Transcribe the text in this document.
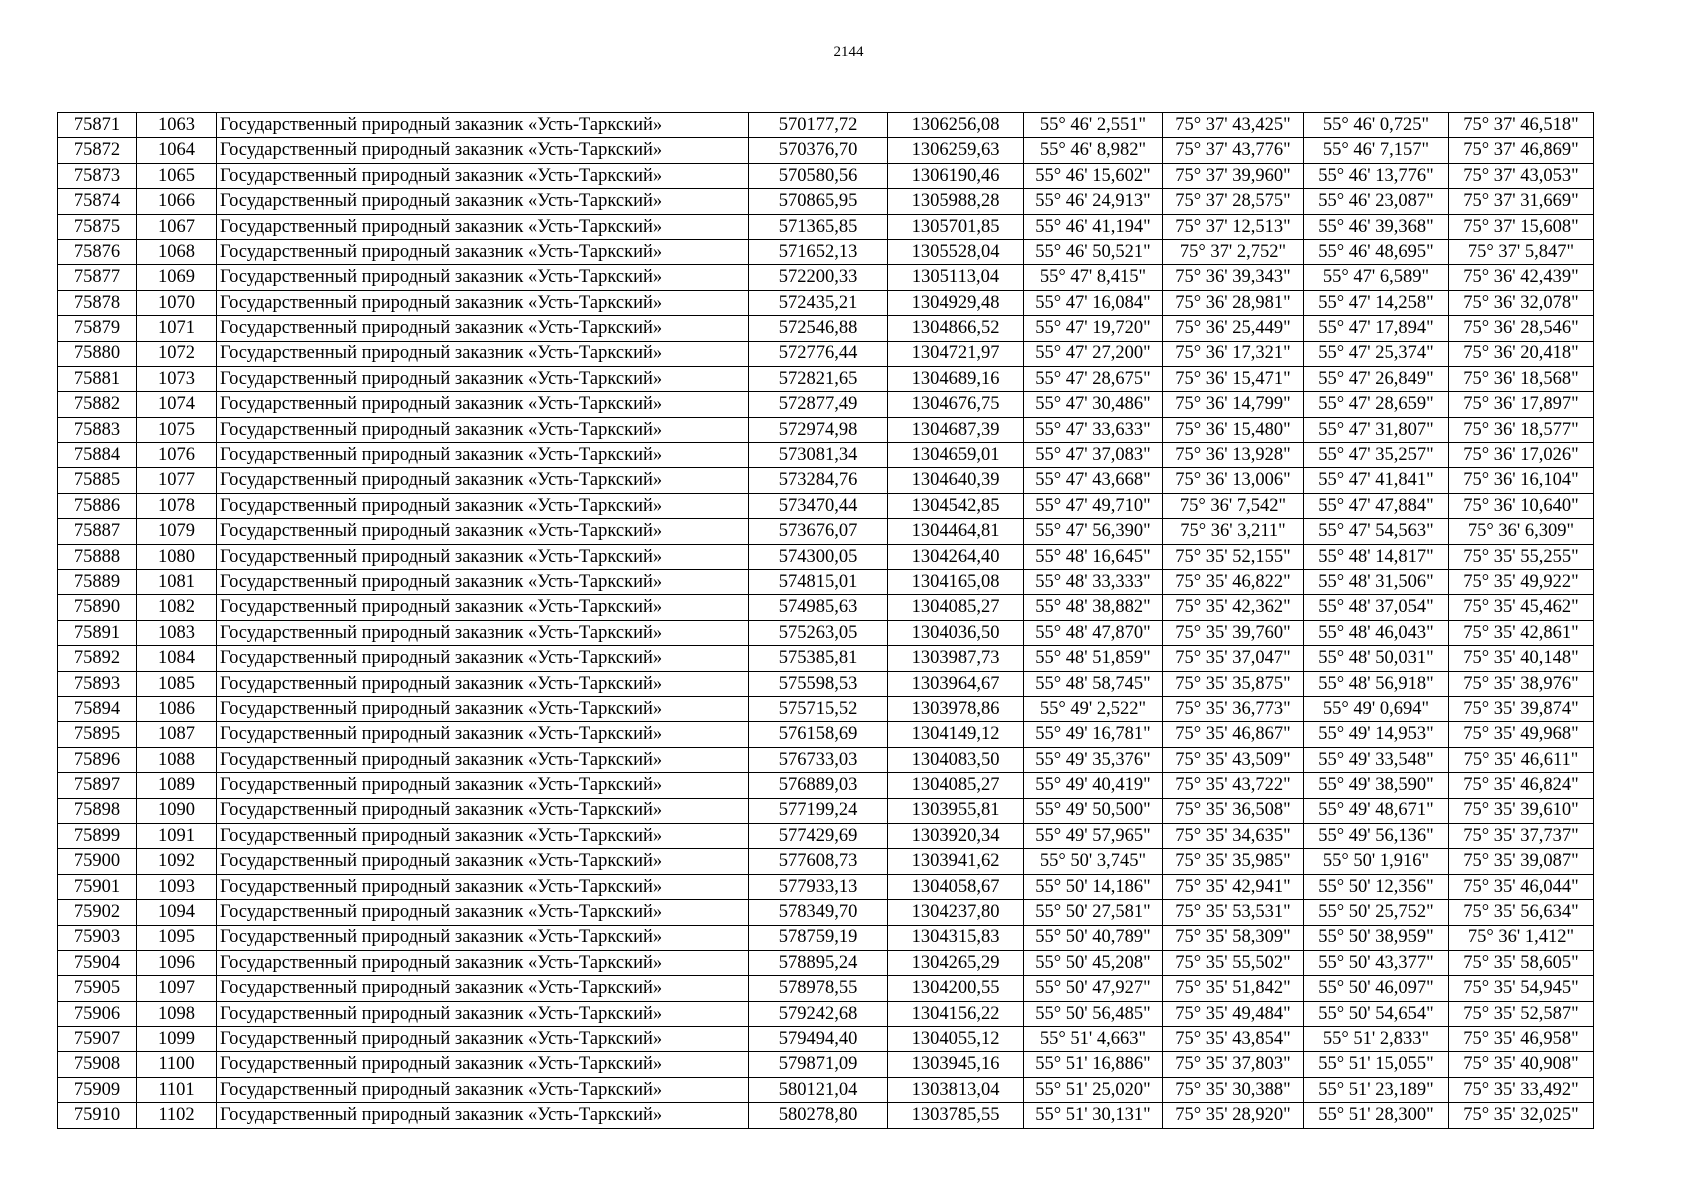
2144
75871	1063	Государственный природный заказник «Усть-Таркский»	570177,72	1306256,08	55° 46' 2,551"	75° 37' 43,425"	55° 46' 0,725"	75° 37' 46,518"
75872	1064	Государственный природный заказник «Усть-Таркский»	570376,70	1306259,63	55° 46' 8,982"	75° 37' 43,776"	55° 46' 7,157"	75° 37' 46,869"
75873	1065	Государственный природный заказник «Усть-Таркский»	570580,56	1306190,46	55° 46' 15,602"	75° 37' 39,960"	55° 46' 13,776"	75° 37' 43,053"
75874	1066	Государственный природный заказник «Усть-Таркский»	570865,95	1305988,28	55° 46' 24,913"	75° 37' 28,575"	55° 46' 23,087"	75° 37' 31,669"
75875	1067	Государственный природный заказник «Усть-Таркский»	571365,85	1305701,85	55° 46' 41,194"	75° 37' 12,513"	55° 46' 39,368"	75° 37' 15,608"
75876	1068	Государственный природный заказник «Усть-Таркский»	571652,13	1305528,04	55° 46' 50,521"	75° 37' 2,752"	55° 46' 48,695"	75° 37' 5,847"
75877	1069	Государственный природный заказник «Усть-Таркский»	572200,33	1305113,04	55° 47' 8,415"	75° 36' 39,343"	55° 47' 6,589"	75° 36' 42,439"
75878	1070	Государственный природный заказник «Усть-Таркский»	572435,21	1304929,48	55° 47' 16,084"	75° 36' 28,981"	55° 47' 14,258"	75° 36' 32,078"
75879	1071	Государственный природный заказник «Усть-Таркский»	572546,88	1304866,52	55° 47' 19,720"	75° 36' 25,449"	55° 47' 17,894"	75° 36' 28,546"
75880	1072	Государственный природный заказник «Усть-Таркский»	572776,44	1304721,97	55° 47' 27,200"	75° 36' 17,321"	55° 47' 25,374"	75° 36' 20,418"
75881	1073	Государственный природный заказник «Усть-Таркский»	572821,65	1304689,16	55° 47' 28,675"	75° 36' 15,471"	55° 47' 26,849"	75° 36' 18,568"
75882	1074	Государственный природный заказник «Усть-Таркский»	572877,49	1304676,75	55° 47' 30,486"	75° 36' 14,799"	55° 47' 28,659"	75° 36' 17,897"
75883	1075	Государственный природный заказник «Усть-Таркский»	572974,98	1304687,39	55° 47' 33,633"	75° 36' 15,480"	55° 47' 31,807"	75° 36' 18,577"
75884	1076	Государственный природный заказник «Усть-Таркский»	573081,34	1304659,01	55° 47' 37,083"	75° 36' 13,928"	55° 47' 35,257"	75° 36' 17,026"
75885	1077	Государственный природный заказник «Усть-Таркский»	573284,76	1304640,39	55° 47' 43,668"	75° 36' 13,006"	55° 47' 41,841"	75° 36' 16,104"
75886	1078	Государственный природный заказник «Усть-Таркский»	573470,44	1304542,85	55° 47' 49,710"	75° 36' 7,542"	55° 47' 47,884"	75° 36' 10,640"
75887	1079	Государственный природный заказник «Усть-Таркский»	573676,07	1304464,81	55° 47' 56,390"	75° 36' 3,211"	55° 47' 54,563"	75° 36' 6,309"
75888	1080	Государственный природный заказник «Усть-Таркский»	574300,05	1304264,40	55° 48' 16,645"	75° 35' 52,155"	55° 48' 14,817"	75° 35' 55,255"
75889	1081	Государственный природный заказник «Усть-Таркский»	574815,01	1304165,08	55° 48' 33,333"	75° 35' 46,822"	55° 48' 31,506"	75° 35' 49,922"
75890	1082	Государственный природный заказник «Усть-Таркский»	574985,63	1304085,27	55° 48' 38,882"	75° 35' 42,362"	55° 48' 37,054"	75° 35' 45,462"
75891	1083	Государственный природный заказник «Усть-Таркский»	575263,05	1304036,50	55° 48' 47,870"	75° 35' 39,760"	55° 48' 46,043"	75° 35' 42,861"
75892	1084	Государственный природный заказник «Усть-Таркский»	575385,81	1303987,73	55° 48' 51,859"	75° 35' 37,047"	55° 48' 50,031"	75° 35' 40,148"
75893	1085	Государственный природный заказник «Усть-Таркский»	575598,53	1303964,67	55° 48' 58,745"	75° 35' 35,875"	55° 48' 56,918"	75° 35' 38,976"
75894	1086	Государственный природный заказник «Усть-Таркский»	575715,52	1303978,86	55° 49' 2,522"	75° 35' 36,773"	55° 49' 0,694"	75° 35' 39,874"
75895	1087	Государственный природный заказник «Усть-Таркский»	576158,69	1304149,12	55° 49' 16,781"	75° 35' 46,867"	55° 49' 14,953"	75° 35' 49,968"
75896	1088	Государственный природный заказник «Усть-Таркский»	576733,03	1304083,50	55° 49' 35,376"	75° 35' 43,509"	55° 49' 33,548"	75° 35' 46,611"
75897	1089	Государственный природный заказник «Усть-Таркский»	576889,03	1304085,27	55° 49' 40,419"	75° 35' 43,722"	55° 49' 38,590"	75° 35' 46,824"
75898	1090	Государственный природный заказник «Усть-Таркский»	577199,24	1303955,81	55° 49' 50,500"	75° 35' 36,508"	55° 49' 48,671"	75° 35' 39,610"
75899	1091	Государственный природный заказник «Усть-Таркский»	577429,69	1303920,34	55° 49' 57,965"	75° 35' 34,635"	55° 49' 56,136"	75° 35' 37,737"
75900	1092	Государственный природный заказник «Усть-Таркский»	577608,73	1303941,62	55° 50' 3,745"	75° 35' 35,985"	55° 50' 1,916"	75° 35' 39,087"
75901	1093	Государственный природный заказник «Усть-Таркский»	577933,13	1304058,67	55° 50' 14,186"	75° 35' 42,941"	55° 50' 12,356"	75° 35' 46,044"
75902	1094	Государственный природный заказник «Усть-Таркский»	578349,70	1304237,80	55° 50' 27,581"	75° 35' 53,531"	55° 50' 25,752"	75° 35' 56,634"
75903	1095	Государственный природный заказник «Усть-Таркский»	578759,19	1304315,83	55° 50' 40,789"	75° 35' 58,309"	55° 50' 38,959"	75° 36' 1,412"
75904	1096	Государственный природный заказник «Усть-Таркский»	578895,24	1304265,29	55° 50' 45,208"	75° 35' 55,502"	55° 50' 43,377"	75° 35' 58,605"
75905	1097	Государственный природный заказник «Усть-Таркский»	578978,55	1304200,55	55° 50' 47,927"	75° 35' 51,842"	55° 50' 46,097"	75° 35' 54,945"
75906	1098	Государственный природный заказник «Усть-Таркский»	579242,68	1304156,22	55° 50' 56,485"	75° 35' 49,484"	55° 50' 54,654"	75° 35' 52,587"
75907	1099	Государственный природный заказник «Усть-Таркский»	579494,40	1304055,12	55° 51' 4,663"	75° 35' 43,854"	55° 51' 2,833"	75° 35' 46,958"
75908	1100	Государственный природный заказник «Усть-Таркский»	579871,09	1303945,16	55° 51' 16,886"	75° 35' 37,803"	55° 51' 15,055"	75° 35' 40,908"
75909	1101	Государственный природный заказник «Усть-Таркский»	580121,04	1303813,04	55° 51' 25,020"	75° 35' 30,388"	55° 51' 23,189"	75° 35' 33,492"
75910	1102	Государственный природный заказник «Усть-Таркский»	580278,80	1303785,55	55° 51' 30,131"	75° 35' 28,920"	55° 51' 28,300"	75° 35' 32,025"
